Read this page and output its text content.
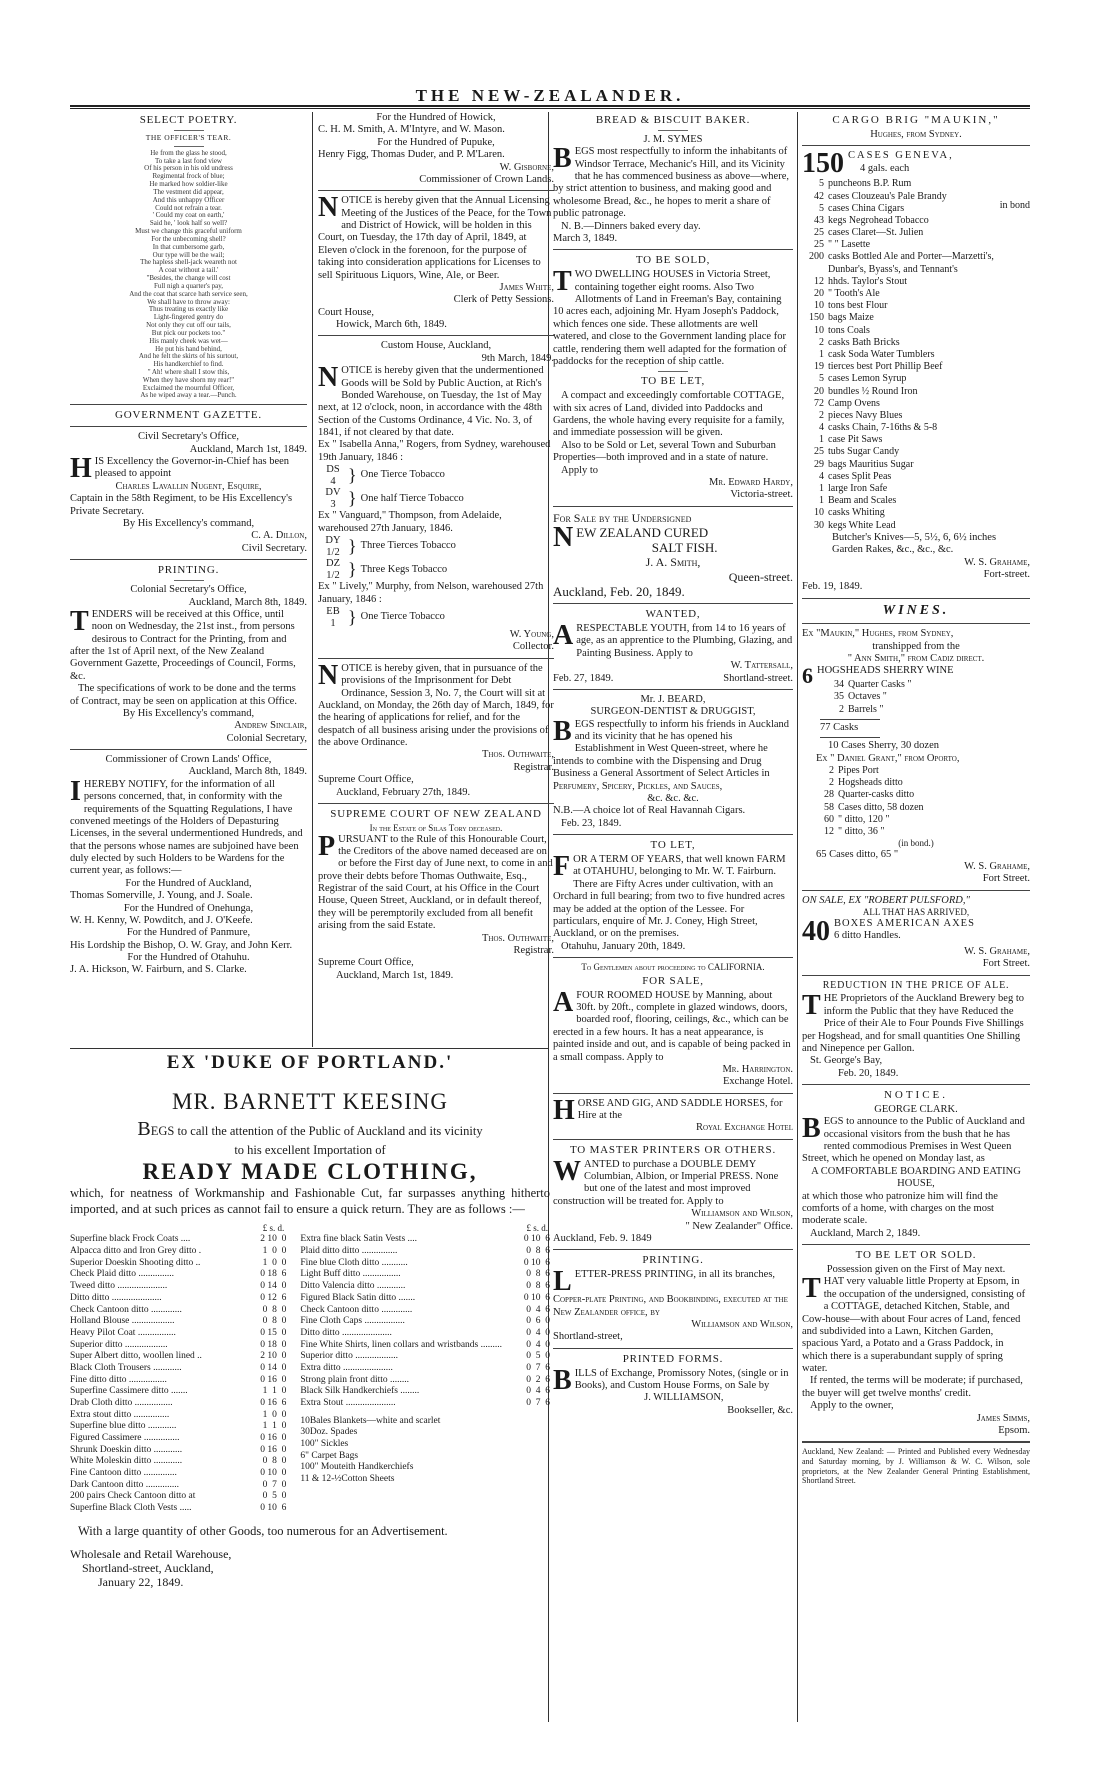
THE NEW-ZEALANDER.
SELECT POETRY.
THE OFFICER'S TEAR.
He from the glass he stood,
To take a last fond view
Of his person in his old undress
Regimental frock of blue;
He marked how soldier-like
The vestment did appear,
And this unhappy Officer
Could not refrain a tear.
' Could my coat on earth,'
Said he, ' look half so well?
Must we change this graceful uniform
For the unbecoming shell?
In that cumbersome garb,
Our type will be the wail;
The hapless shell-jack weareth not
A coat without a tail.'
"Besides, the change will cost
Full nigh a quarter's pay,
And the coat that scarce hath service seen,
We shall have to throw away:
Thus treating us exactly like
Light-fingered gentry do
Not only they cut off our tails,
But pick our pockets too."
His manly cheek was wet—
He put his hand behind,
And he felt the skirts of his surtout,
His handkerchief to find.
" Ah! where shall I stow this,
When they have shorn my rear!"
Exclaimed the mournful Officer,
As he wiped away a tear.—Punch.
GOVERNMENT GAZETTE.

Civil Secretary's Office,

Auckland, March 1st, 1849.

HIS Excellency the Governor-in-Chief has been pleased to appoint

Charles Lavallin Nugent, Esquire,

Captain in the 58th Regiment, to be His Excellency's Private Secretary.

By His Excellency's command,

C. A. Dillon,

Civil Secretary.

PRINTING.

Colonial Secretary's Office,

Auckland, March 8th, 1849.

TENDERS will be received at this Office, until noon on Wednesday, the 21st inst., from persons desirous to Contract for the Printing, from and after the 1st of April next, of the New Zealand Government Gazette, Proceedings of Council, Forms, &c.

The specifications of work to be done and the terms of Contract, may be seen on application at this Office.

By His Excellency's command,

Andrew Sinclair,

Colonial Secretary,

Commissioner of Crown Lands' Office,

Auckland, March 8th, 1849.

IHEREBY NOTIFY, for the information of all persons concerned, that, in conformity with the requirements of the Squatting Regulations, I have convened meetings of the Holders of Depasturing Licenses, in the several undermentioned Hundreds, and that the persons whose names are subjoined have been duly elected by such Holders to be Wardens for the current year, as follows:—

For the Hundred of Auckland,

Thomas Somerville, J. Young, and J. Soale.

For the Hundred of Onehunga,

W. H. Kenny, W. Powditch, and J. O'Keefe.

For the Hundred of Panmure,

His Lordship the Bishop, O. W. Gray, and John Kerr.

For the Hundred of Otahuhu.

J. A. Hickson, W. Fairburn, and S. Clarke.

For the Hundred of Howick,

C. H. M. Smith, A. M'Intyre, and W. Mason.

For the Hundred of Pupuke,

Henry Figg, Thomas Duder, and P. M'Laren.

W. Gisborne,

Commissioner of Crown Lands.

NOTICE is hereby given that the Annual Licensing Meeting of the Justices of the Peace, for the Town and District of Howick, will be holden in this Court, on Tuesday, the 17th day of April, 1849, at Eleven o'clock in the forenoon, for the purpose of taking into consideration applications for Licenses to sell Spirituous Liquors, Wine, Ale, or Beer.

James White,

Clerk of Petty Sessions.

Court House,

Howick, March 6th, 1849.

Custom House, Auckland,

9th March, 1849.

NOTICE is hereby given that the undermentioned Goods will be Sold by Public Auction, at Rich's Bonded Warehouse, on Tuesday, the 1st of May next, at 12 o'clock, noon, in accordance with the 48th Section of the Customs Ordinance, 4 Vic. No. 3, of 1841, if not cleared by that date.

Ex " Isabella Anna," Rogers, from Sydney, warehoused 19th January, 1846 :

DS
4 } One Tierce Tobacco
DV
3 } One half Tierce Tobacco

Ex " Vanguard," Thompson, from Adelaide, warehoused 27th January, 1846.

DY
1/2 } Three Tierces Tobacco
DZ
1/2 } Three Kegs Tobacco

Ex " Lively," Murphy, from Nelson, warehoused 27th January, 1846 :

EB
1 } One Tierce Tobacco

W. Young,

Collector.

NOTICE is hereby given, that in pursuance of the provisions of the Imprisonment for Debt Ordinance, Session 3, No. 7, the Court will sit at Auckland, on Monday, the 26th day of March, 1849, for the hearing of applications for relief, and for the despatch of all business arising under the provisions of the above Ordinance.

Thos. Outhwaite,

Registrar.

Supreme Court Office,

Auckland, February 27th, 1849.

SUPREME COURT OF NEW ZEALAND

In the Estate of Silas Tory deceased.

PURSUANT to the Rule of this Honourable Court, the Creditors of the above named deceased are on or before the First day of June next, to come in and prove their debts before Thomas Outhwaite, Esq., Registrar of the said Court, at his Office in the Court House, Queen Street, Auckland, or in default thereof, they will be peremptorily excluded from all benefit arising from the said Estate.

Thos. Outhwaite,

Registrar.

Supreme Court Office,

Auckland, March 1st, 1849.

EX 'DUKE OF PORTLAND.'
MR. BARNETT KEESING

BEGS to call the attention of the Public of Auckland and its vicinity

to his excellent Importation of

READY MADE CLOTHING,

which, for neatness of Workmanship and Fashionable Cut, far surpasses anything hitherto imported, and at such prices as cannot fail to ensure a quick return. They are as follows :—

£ s. d.
Superfine black Frock Coats ....	2 10  0
Alpacca ditto and Iron Grey ditto .	1  0  0
Superior Doeskin Shooting ditto ..	1  0  0
Check Plaid ditto ...............	0 18  6
Tweed ditto .....................	0 14  0
Ditto ditto .....................	0 12  6
Check Cantoon ditto .............	0  8  0
Holland Blouse ..................	0  8  0
Heavy Pilot Coat ................	0 15  0
Superior ditto ..................	0 18  0
Super Albert ditto, woollen lined ..	2 10  0
Black Cloth Trousers ............	0 14  0
Fine ditto ditto ................	0 16  0
Superfine Cassimere ditto .......	1  1  0
Drab Cloth ditto ................	0 16  6
Extra stout ditto ...............	1  0  0
Superfine blue ditto ............	1  1  0
Figured Cassimere ...............	0 16  0
Shrunk Doeskin ditto ............	0 16  0
White Moleskin ditto ............	0  8  0
Fine Cantoon ditto ..............	0 10  0
Dark Cantoon ditto ..............	0  7  0
200 pairs Check Cantoon ditto at	0  5  0
Superfine Black Cloth Vests .....	0 10  6
£ s. d.
Extra fine black Satin Vests ....	0 10  6
Plaid ditto ditto ...............	0  8  6
Fine blue Cloth ditto ...........	0 10  6
Light Buff ditto ................	0  8  6
Ditto Valencia ditto ............	0  8  6
Figured Black Satin ditto .......	0 10  6
Check Cantoon ditto .............	0  4  6
Fine Cloth Caps .................	0  6  0
Ditto ditto .....................	0  4  0
Fine White Shirts, linen collars and wristbands .........	0  4  0
Superior ditto ..................	0  5  0
Extra ditto .....................	0  7  6
Strong plain front ditto ........	0  2  6
Black Silk Handkerchiefs ........	0  4  6
Extra Stout .....................	0  7  6
10Bales Blankets—white and scarlet
30Doz. Spades
100" Sickles
6" Carpet Bags
100" Mouteith Handkerchiefs
11 & 12-½Cotton Sheets

With a large quantity of other Goods, too numerous for an Advertisement.

Wholesale and Retail Warehouse,

Shortland-street, Auckland,

January 22, 1849.

BREAD & BISCUIT BAKER.

J. M. SYMES

BEGS most respectfully to inform the inhabitants of Windsor Terrace, Mechanic's Hill, and its Vicinity that he has commenced business as above—where, by strict attention to business, and making good and wholesome Bread, &c., he hopes to merit a share of public patronage.

N. B.—Dinners baked every day.

March 3, 1849.

TO BE SOLD,

TWO DWELLING HOUSES in Victoria Street, containing together eight rooms. Also Two Allotments of Land in Freeman's Bay, containing 10 acres each, adjoining Mr. Hyam Joseph's Paddock, which fences one side. These allotments are well watered, and close to the Government landing place for cattle, rendering them well adapted for the formation of paddocks for the reception of ship cattle.

TO BE LET,

A compact and exceedingly comfortable COTTAGE, with six acres of Land, divided into Paddocks and Gardens, the whole having every requisite for a family, and immediate possession will be given.

Also to be Sold or Let, several Town and Suburban Properties—both improved and in a state of nature.

Apply to

Mr. Edward Hardy,

Victoria-street.

For Sale by the Undersigned

NEW ZEALAND CURED

SALT FISH.

J. A. Smith,

Queen-street.

Auckland, Feb. 20, 1849.

WANTED,

ARESPECTABLE YOUTH, from 14 to 16 years of age, as an apprentice to the Plumbing, Glazing, and Painting Business. Apply to

W. Tattersall,

Feb. 27, 1849.	Shortland-street.

Mr. J. BEARD,

SURGEON-DENTIST & DRUGGIST,

BEGS respectfully to inform his friends in Auckland and its vicinity that he has opened his Establishment in West Queen-street, where he intends to combine with the Dispensing and Drug Business a General Assortment of Select Articles in

Perfumery, Spicery, Pickles, and Sauces,

&c. &c. &c.

N.B.—A choice lot of Real Havannah Cigars.

Feb. 23, 1849.

TO LET,

FOR A TERM OF YEARS, that well known FARM at OTAHUHU, belonging to Mr. W. T. Fairburn. There are Fifty Acres under cultivation, with an Orchard in full bearing; from two to five hundred acres may be added at the option of the Lessee. For particulars, enquire of Mr. J. Coney, High Street, Auckland, or on the premises.

Otahuhu, January 20th, 1849.

To Gentlemen about proceeding to CALIFORNIA.

FOR SALE,

AFOUR ROOMED HOUSE by Manning, about 30ft. by 20ft., complete in glazed windows, doors, boarded roof, flooring, ceilings, &c., which can be erected in a few hours. It has a neat appearance, is painted inside and out, and is capable of being packed in a small compass. Apply to

Mr. Harrington.

Exchange Hotel.

HORSE AND GIG, AND SADDLE HORSES, for Hire at the

Royal Exchange Hotel

TO MASTER PRINTERS OR OTHERS.

WANTED to purchase a DOUBLE DEMY Columbian, Albion, or Imperial PRESS. None but one of the latest and most improved construction will be treated for. Apply to

Williamson and Wilson,

" New Zealander" Office.

Auckland, Feb. 9. 1849

PRINTING.

LETTER-PRESS PRINTING, in all its branches,

Copper-plate Printing, and Bookbinding, executed at the New Zealander office, by

Williamson and Wilson,

Shortland-street,

PRINTED FORMS.

BILLS of Exchange, Promissory Notes, (single or in Books), and Custom House Forms, on Sale by

J. WILLIAMSON,

Bookseller, &c.

CARGO BRIG "MAUKIN,"

Hughes, from Sydney.

150 CASES GENEVA,
4 gals. each
5 puncheons B.P. Rum
42 cases Clouzeau's Pale Brandy
5 cases China Cigars
43 kegs Negrohead Tobacco
25 cases Claret—St. Julien
25 " " Lasette
200 casks Bottled Ale and Porter—Marzetti's, Dunbar's, Byass's, and Tennant's
12 hhds. Taylor's Stout
20 " Tooth's Ale
10 tons best Flour
150 bags Maize
10 tons Coals
2 casks Bath Bricks
1 cask Soda Water Tumblers
19 tierces best Port Phillip Beef
5 cases Lemon Syrup
20 bundles ½ Round Iron
72 Camp Ovens
2 pieces Navy Blues
4 casks Chain, 7-16ths & 5-8
1 case Pit Saws
25 tubs Sugar Candy
29 bags Mauritius Sugar
4 cases Split Peas
1 large Iron Safe
1 Beam and Scales
10 casks Whiting
30 kegs White Lead
in bond

Butcher's Knives—5, 5½, 6, 6½ inches

Garden Rakes, &c., &c., &c.

W. S. Grahame,

Fort-street.

Feb. 19, 1849.

WINES.

Ex "Maukin," Hughes, from Sydney,

transhipped from the

" Ann Smith," from Cadiz direct.

6 HOGSHEADS SHERRY WINE
34 Quarter Casks "
35 Octaves "
2 Barrels "

77 Casks

10 Cases Sherry, 30 dozen

Ex " Daniel Grant," from Oporto,

2 Pipes Port
2 Hogsheads ditto
28 Quarter-casks ditto
58 Cases ditto, 58 dozen
60 " ditto, 120 "
12 " ditto, 36 "

(in bond.)

65 Cases ditto, 65 "

W. S. Grahame,

Fort Street.

ON SALE, EX "ROBERT PULSFORD,"

ALL THAT HAS ARRIVED,

40 BOXES AMERICAN AXES
6 ditto Handles.

W. S. Grahame,

Fort Street.

REDUCTION IN THE PRICE OF ALE.

THE Proprietors of the Auckland Brewery beg to inform the Public that they have Reduced the Price of their Ale to Four Pounds Five Shillings per Hogshead, and for small quantities One Shilling and Ninepence per Gallon.

St. George's Bay,

Feb. 20, 1849.

NOTICE.

GEORGE CLARK.

BEGS to announce to the Public of Auckland and occasional visitors from the bush that he has rented commodious Premises in West Queen Street, which he opened on Monday last, as

A COMFORTABLE BOARDING AND EATING HOUSE,

at which those who patronize him will find the comforts of a home, with charges on the most moderate scale.

Auckland, March 2, 1849.

TO BE LET OR SOLD.

Possession given on the First of May next.

THAT very valuable little Property at Epsom, in the occupation of the undersigned, consisting of a COTTAGE, detached Kitchen, Stable, and Cow-house—with about Four acres of Land, fenced and subdivided into a Lawn, Kitchen Garden, spacious Yard, a Potato and a Grass Paddock, in which there is a superabundant supply of spring water.

If rented, the terms will be moderate; if purchased, the buyer will get twelve months' credit.

Apply to the owner,

James Simms,

Epsom.

Auckland, New Zealand: — Printed and Published every Wednesday and Saturday morning, by J. Williamson & W. C. Wilson, sole proprietors, at the New Zealander General Printing Establishment, Shortland Street.
